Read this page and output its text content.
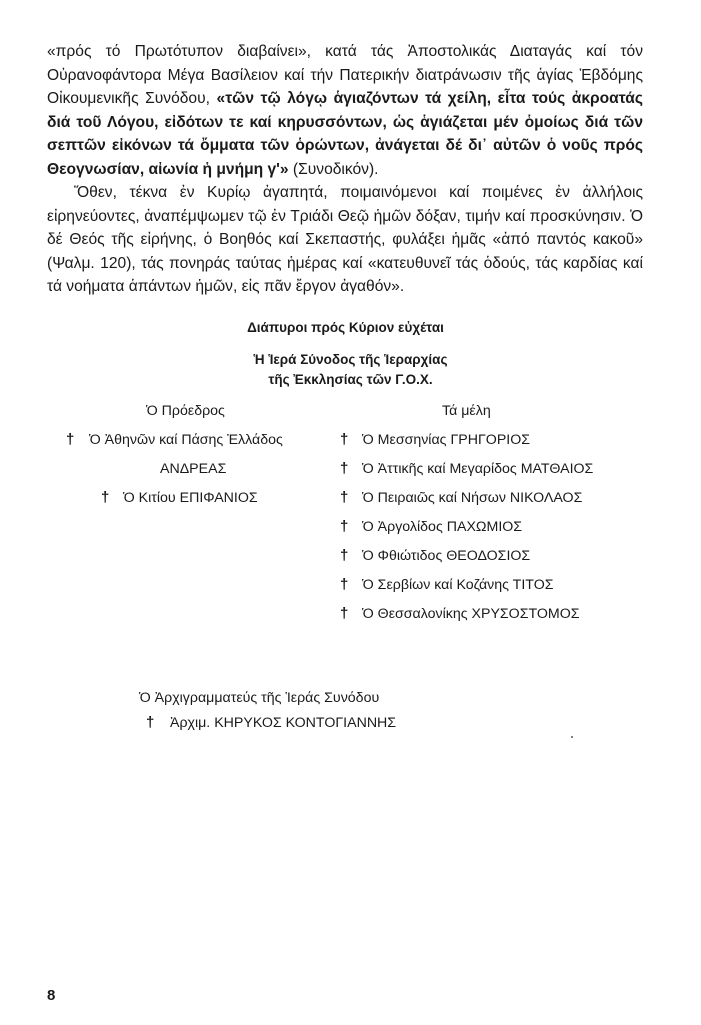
«πρός τό Πρωτότυπον διαβαίνει», κατά τάς Ἀποστολικάς Διαταγάς καί τόν Οὐρανοφάντορα Μέγα Βασίλειον καί τήν Πατερικήν διατράνωσιν τῆς ἁγίας Ἑβδόμης Οἰκουμενικῆς Συνόδου, «τῶν τῷ λόγῳ ἁγιαζόντων τά χείλη, εἶτα τούς ἀκροατάς διά τοῦ Λόγου, εἰδότων τε καί κηρυσσόντων, ὡς ἁγιάζεται μέν ὁμοίως διά τῶν σεπτῶν εἰκόνων τά ὄμματα τῶν ὁρώντων, ἀνάγεται δέ δι᾽ αὐτῶν ὁ νοῦς πρός Θεογνωσίαν, αἰωνία ἡ μνήμη γ'» (Συνοδικόν).

Ὅθεν, τέκνα ἐν Κυρίῳ ἀγαπητά, ποιμαινόμενοι καί ποιμένες ἐν ἀλλήλοις εἰρηνεύοντες, ἀναπέμψωμεν τῷ ἐν Τριάδι Θεῷ ἡμῶν δόξαν, τιμήν καί προσκύνησιν. Ὁ δέ Θεός τῆς εἰρήνης, ὁ Βοηθός καί Σκεπαστής, φυλάξει ἡμᾶς «ἀπό παντός κακοῦ» (Ψαλμ. 120), τάς πονηράς ταύτας ἡμέρας καί «κατευθυνεῖ τάς ὁδούς, τάς καρδίας καί τά νοήματα ἁπάντων ἡμῶν, εἰς πᾶν ἔργον ἀγαθόν».

Διάπυροι πρός Κύριον εὐχέται
Ἡ Ἱερά Σύνοδος τῆς Ἱεραρχίας
τῆς Ἐκκλησίας τῶν Γ.Ο.Χ.
Ὁ Πρόεδρος
† Ὁ Ἀθηνῶν καί Πάσης Ἑλλάδος
ΑΝΔΡΕΑΣ
† Ὁ Κιτίου ΕΠΙΦΑΝΙΟΣ
Τά μέλη
† Ὁ Μεσσηνίας ΓΡΗΓΟΡΙΟΣ
† Ὁ Ἀττικῆς καί Μεγαρίδος ΜΑΤΘΑΙΟΣ
† Ὁ Πειραιῶς καί Νήσων ΝΙΚΟΛΑΟΣ
† Ὁ Ἀργολίδος ΠΑΧΩΜΙΟΣ
† Ὁ Φθιώτιδος ΘΕΟΔΟΣΙΟΣ
† Ὁ Σερβίων καί Κοζάνης ΤΙΤΟΣ
† Ὁ Θεσσαλονίκης ΧΡΥΣΟΣΤΟΜΟΣ
Ὁ Ἀρχιγραμματεύς τῆς Ἱεράς Συνόδου
† Ἀρχιμ. ΚΗΡΥΚΟΣ ΚΟΝΤΟΓΙΑΝΝΗΣ
8
